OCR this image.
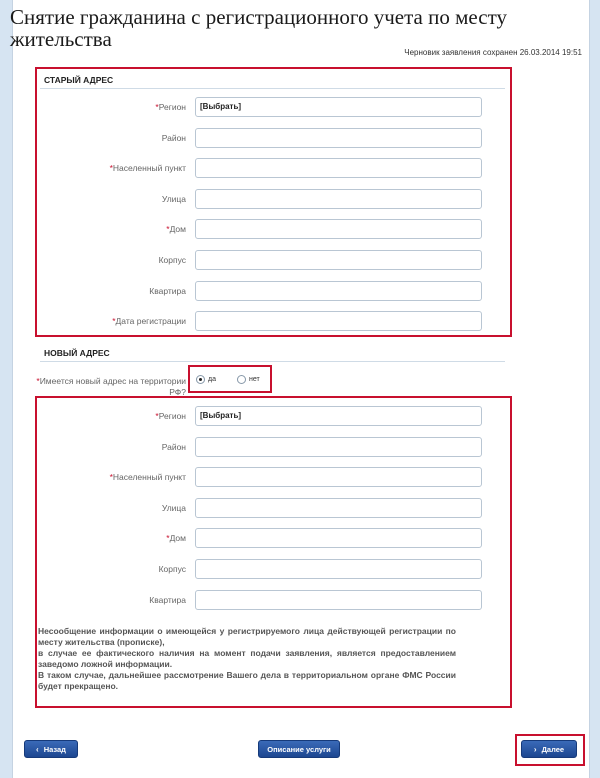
Снятие гражданина с регистрационного учета по месту жительства
Черновик заявления сохранен 26.03.2014 19:51
СТАРЫЙ АДРЕС
*Регион	[Выбрать]
Район
*Населенный пункт
Улица
*Дом
Корпус
Квартира
*Дата регистрации
НОВЫЙ АДРЕС
*Имеется новый адрес на территории РФ?
да	нет
*Регион	[Выбрать]
Район
*Населенный пункт
Улица
*Дом
Корпус
Квартира

Несообщение информации о имеющейся у регистрируемого лица действующей регистрации по месту жительства (прописке),

в случае ее фактического наличия на момент подачи заявления, является предоставлением заведомо ложной информации.

В таком случае, дальнейшее рассмотрение Вашего дела в территориальном органе ФМС России будет прекращено.

‹ Назад	Описание услуги	› Далее
